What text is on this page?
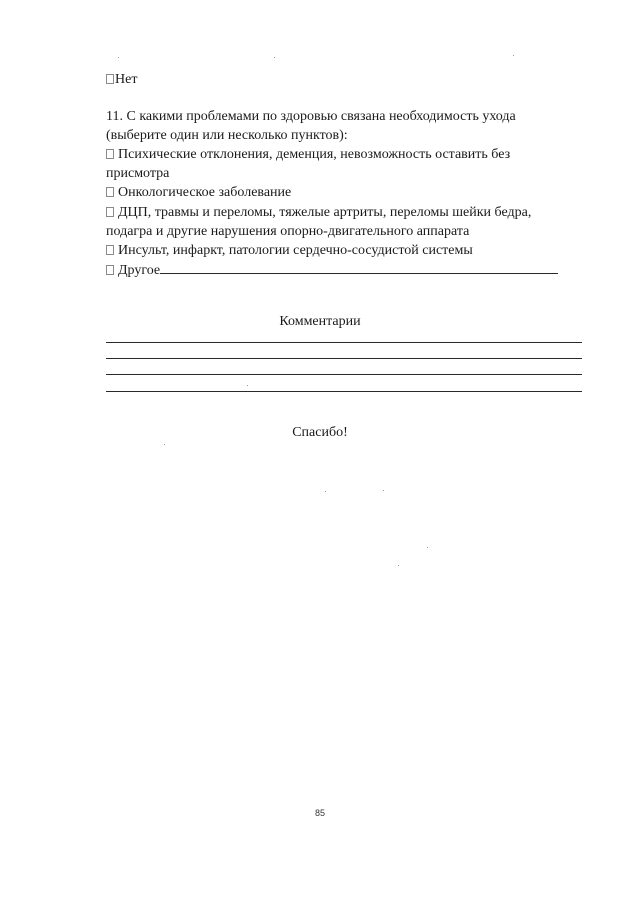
Нет
11. С какими проблемами по здоровью связана необходимость ухода
(выберите один или несколько пунктов):
Психические отклонения, деменция, невозможность оставить без
присмотра
Онкологическое заболевание
ДЦП, травмы и переломы, тяжелые артриты, переломы шейки бедра,
подагра и другие нарушения опорно-двигательного аппарата
Инсульт, инфаркт, патологии сердечно-сосудистой системы
Другое
Комментарии
Спасибо!
85
